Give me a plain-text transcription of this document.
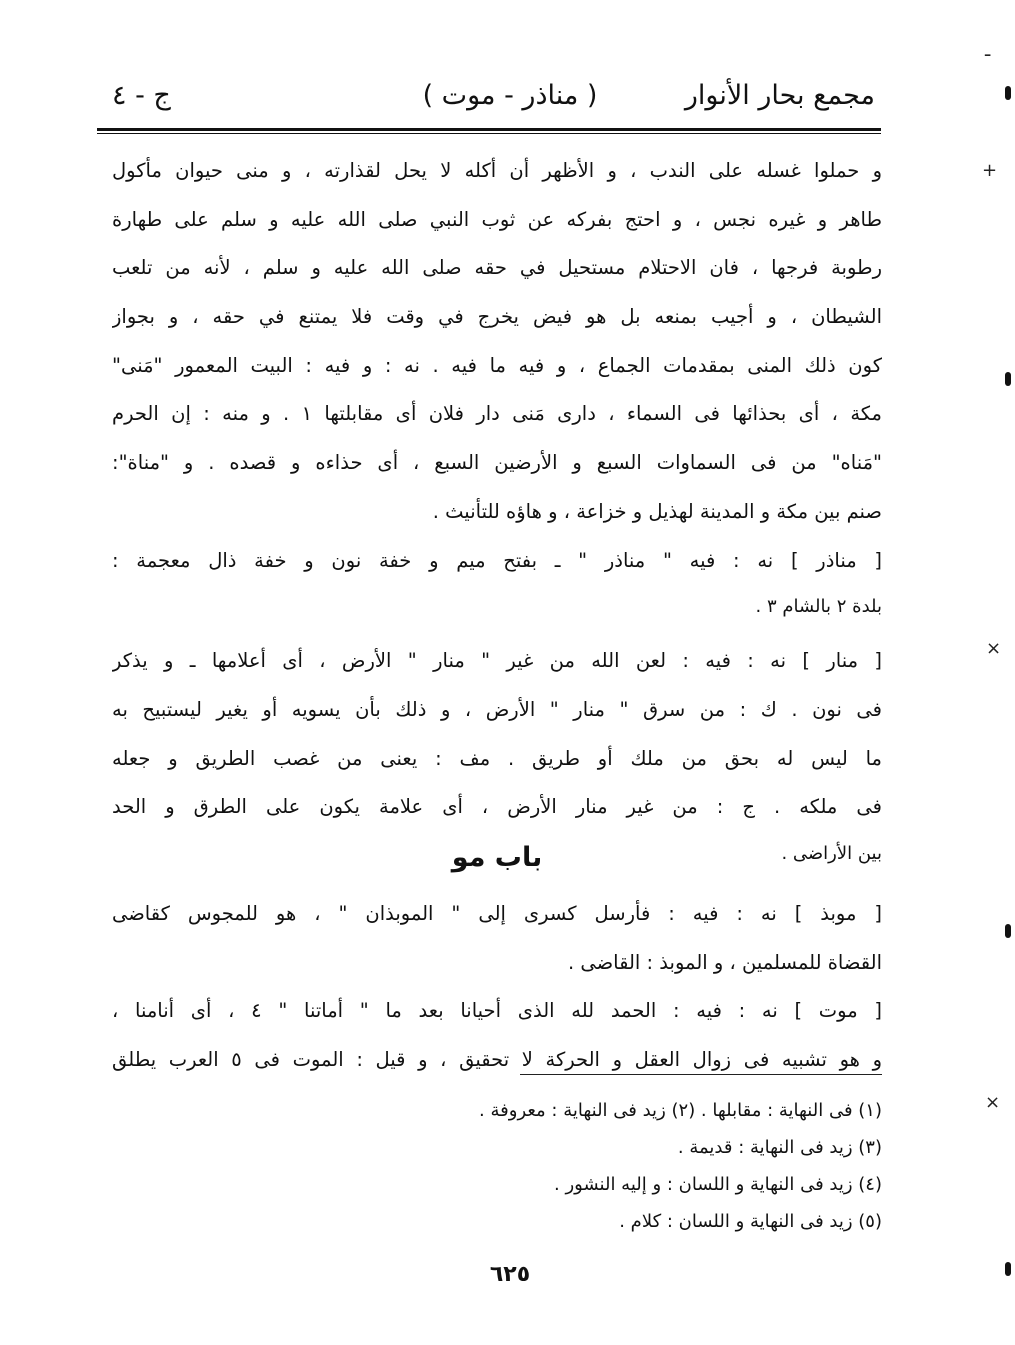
مجمع بحار الأنوار
( مناذر - موت )
ج - ٤
و حملوا غسله على الندب ، و الأظهر أن أكله لا يحل لقذارته ، و منى حيوان مأكول
طاهر و غيره نجس ، و احتج بفركه عن ثوب النبي صلى الله عليه و سلم على طهارة
رطوبة فرجها ، فان الاحتلام مستحيل في حقه صلى الله عليه و سلم ، لأنه من تلعب
الشيطان ، و أجيب بمنعه بل هو فيض يخرج في وقت فلا يمتنع في حقه ، و بجواز
كون ذلك المنى بمقدمات الجماع ، و فيه ما فيه . نه : و فيه : البيت المعمور "مَنى"
مكة ، أى بحذائها فى السماء ، دارى مَنى دار فلان أى مقابلتها ١ . و منه : إن الحرم
"مَناه" من فى السماوات السبع و الأرضين السبع ، أى حذاءه و قصده . و "مناة":
صنم بين مكة و المدينة لهذيل و خزاعة ، و هاؤه للتأنيث .
[ مناذر ] نه : فيه " مناذر " ـ بفتح ميم و خفة نون و خفة ذال معجمة :
بلدة ٢ بالشام ٣ .
[ منار ] نه : فيه : لعن الله من غير " منار " الأرض ، أى أعلامها ـ و يذكر
فى نون . ك : من سرق " منار " الأرض ، و ذلك بأن يسويه أو يغير ليستبيح به
ما ليس له بحق من ملك أو طريق . مف : يعنى من غصب الطريق و جعله
فى ملكه . ج : من غير منار الأرض ، أى علامة يكون على الطرق و الحد
بين الأراضى .
باب مو
[ موبذ ] نه : فيه : فأرسل كسرى إلى " الموبذان " ، هو للمجوس كقاضى
القضاة للمسلمين ، و الموبذ : القاضى .
[ موت ] نه : فيه : الحمد لله الذى أحيانا بعد ما " أماتنا " ٤ ، أى أنامنا ،
و هو تشبيه فى زوال العقل و الحركة لا تحقيق ، و قيل : الموت فى ٥ العرب يطلق
(١) فى النهاية : مقابلها . (٢) زيد فى النهاية : معروفة .
(٣) زيد فى النهاية : قديمة .
(٤) زيد فى النهاية و اللسان : و إليه النشور .
(٥) زيد فى النهاية و اللسان : كلام .
٦٢٥
ـ
+
×
×
